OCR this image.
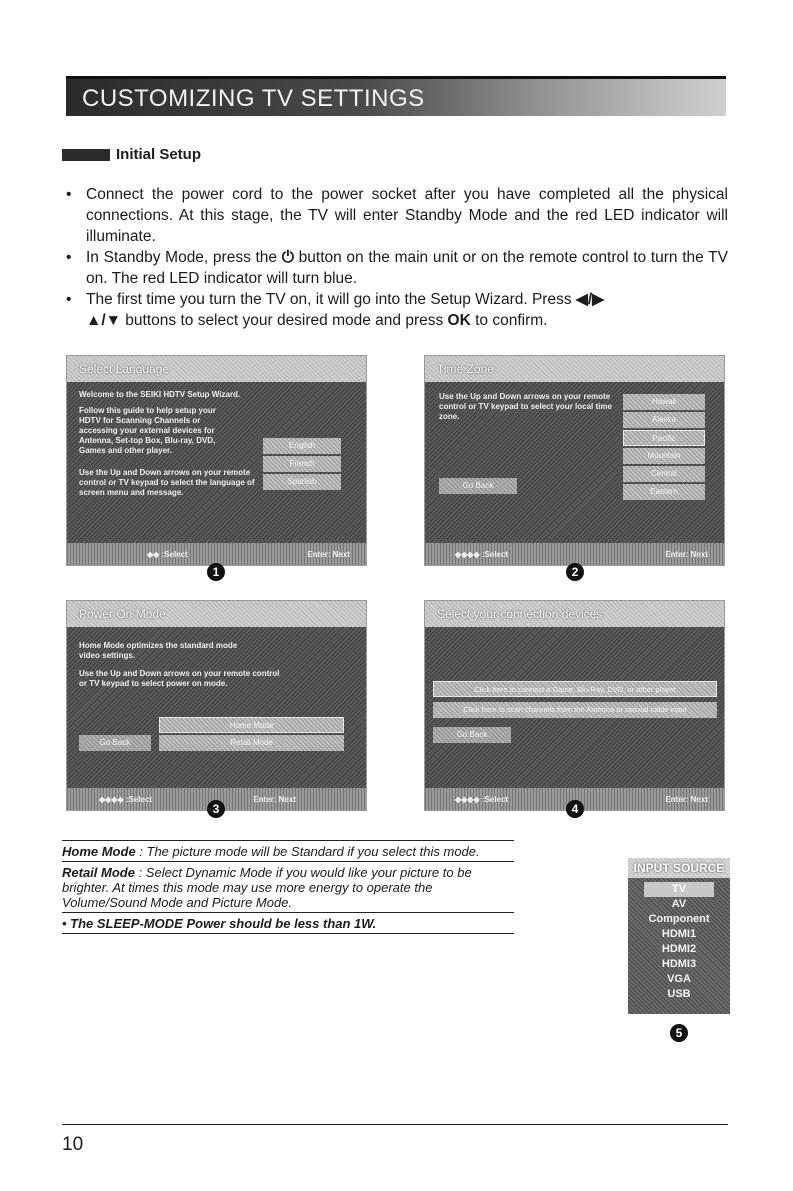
CUSTOMIZING TV SETTINGS
Initial Setup
• Connect the power cord to the power socket after you have completed all the physical connections. At this stage, the TV will enter Standby Mode and the red LED indicator will illuminate.
• In Standby Mode, press the ⏻ button on the main unit or on the remote control to turn the TV on. The red LED indicator will turn blue.
• The first time you turn the TV on, it will go into the Setup Wizard. Press ◀/▶
▲/▼ buttons to select your desired mode and press OK to confirm.
Select Language
Welcome to the SEIKI HDTV Setup Wizard.
Follow this guide to help setup your HDTV for Scanning Channels or accessing your external devices for Antenna, Set-top Box, Blu-ray, DVD, Games and other player.
Use the Up and Down arrows on your remote control or TV keypad to select the language of screen menu and message.
English
French
Spanish
◆◆ :Select	Enter: Next
1
Time Zone
Use the Up and Down arrows on your remote control or TV keypad to select your local time zone.
Hawaii
Alaska
Pacific
Mountain
Central
Eastern
Go Back
◆◆◆◆ :Select	Enter: Next
2
Power On Mode
Home Mode optimizes the standard mode video settings.
Use the Up and Down arrows on your remote control or TV keypad to select power on mode.
Home Mode
Retail Mode
Go Back
◆◆◆◆ :Select	Enter: Next
3
Select your connection devices
Click here to connect a Game, Blu-Ray, DVD, or other player
Click here to scan channels from the Antenna or coaxial cable input
Go Back
◆◆◆◆ :Select	Enter: Next
4
Home Mode : The picture mode will be Standard if you select this mode.
Retail Mode : Select Dynamic Mode if you would like your picture to be brighter. At times this mode may use more energy to operate the Volume/Sound Mode and Picture Mode.
• The SLEEP-MODE Power should be less than 1W.
INPUT SOURCE
TV
AV
Component
HDMI1
HDMI2
HDMI3
VGA
USB
5
10
